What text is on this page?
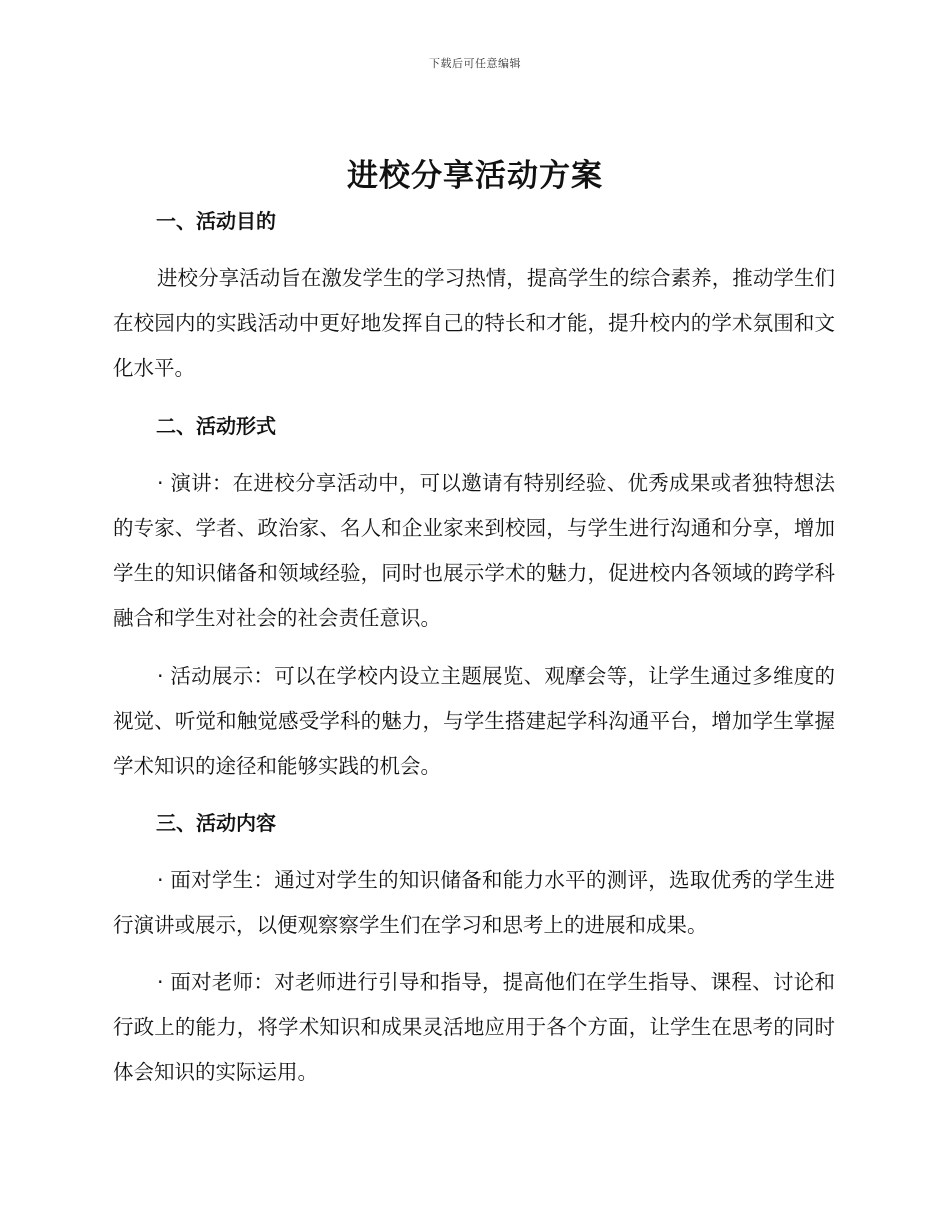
下载后可任意编辑
进校分享活动方案
一、活动目的
进校分享活动旨在激发学生的学习热情，提高学生的综合素养，推动学生们在校园内的实践活动中更好地发挥自己的特长和才能，提升校内的学术氛围和文化水平。
二、活动形式
· 演讲：在进校分享活动中，可以邀请有特别经验、优秀成果或者独特想法的专家、学者、政治家、名人和企业家来到校园，与学生进行沟通和分享，增加学生的知识储备和领域经验，同时也展示学术的魅力，促进校内各领域的跨学科融合和学生对社会的社会责任意识。
· 活动展示：可以在学校内设立主题展览、观摩会等，让学生通过多维度的视觉、听觉和触觉感受学科的魅力，与学生搭建起学科沟通平台，增加学生掌握学术知识的途径和能够实践的机会。
三、活动内容
· 面对学生：通过对学生的知识储备和能力水平的测评，选取优秀的学生进行演讲或展示，以便观察察学生们在学习和思考上的进展和成果。
· 面对老师：对老师进行引导和指导，提高他们在学生指导、课程、讨论和行政上的能力，将学术知识和成果灵活地应用于各个方面，让学生在思考的同时体会知识的实际运用。
